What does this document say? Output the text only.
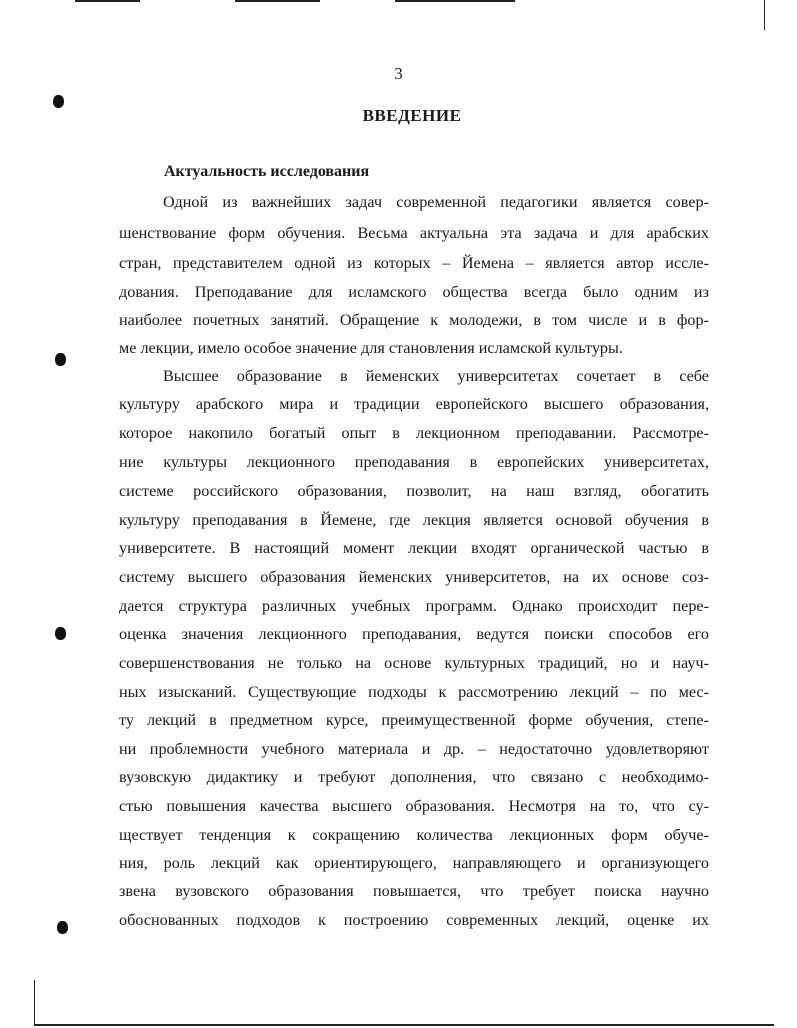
3
ВВЕДЕНИЕ
Актуальность исследования
Одной из важнейших задач современной педагогики является совер-
шенствование форм обучения. Весьма актуальна эта задача и для арабских
стран, представителем одной из которых – Йемена – является автор иссле-
дования. Преподавание для исламского общества всегда было одним из
наиболее почетных занятий. Обращение к молодежи, в том числе и в фор-
ме лекции, имело особое значение для становления исламской культуры.
Высшее образование в йеменских университетах сочетает в себе
культуру арабского мира и традиции европейского высшего образования,
которое накопило богатый опыт в лекционном преподавании. Рассмотре-
ние культуры лекционного преподавания в европейских университетах,
системе российского образования, позволит, на наш взгляд, обогатить
культуру преподавания в Йемене, где лекция является основой обучения в
университете. В настоящий момент лекции входят органической частью в
систему высшего образования йеменских университетов, на их основе соз-
дается структура различных учебных программ. Однако происходит пере-
оценка значения лекционного преподавания, ведутся поиски способов его
совершенствования не только на основе культурных традиций, но и науч-
ных изысканий. Существующие подходы к рассмотрению лекций – по мес-
ту лекций в предметном курсе, преимущественной форме обучения, степе-
ни проблемности учебного материала и др. – недостаточно удовлетворяют
вузовскую дидактику и требуют дополнения, что связано с необходимо-
стью повышения качества высшего образования. Несмотря на то, что су-
ществует тенденция к сокращению количества лекционных форм обуче-
ния, роль лекций как ориентирующего, направляющего и организующего
звена вузовского образования повышается, что требует поиска научно
обоснованных подходов к построению современных лекций, оценке их
